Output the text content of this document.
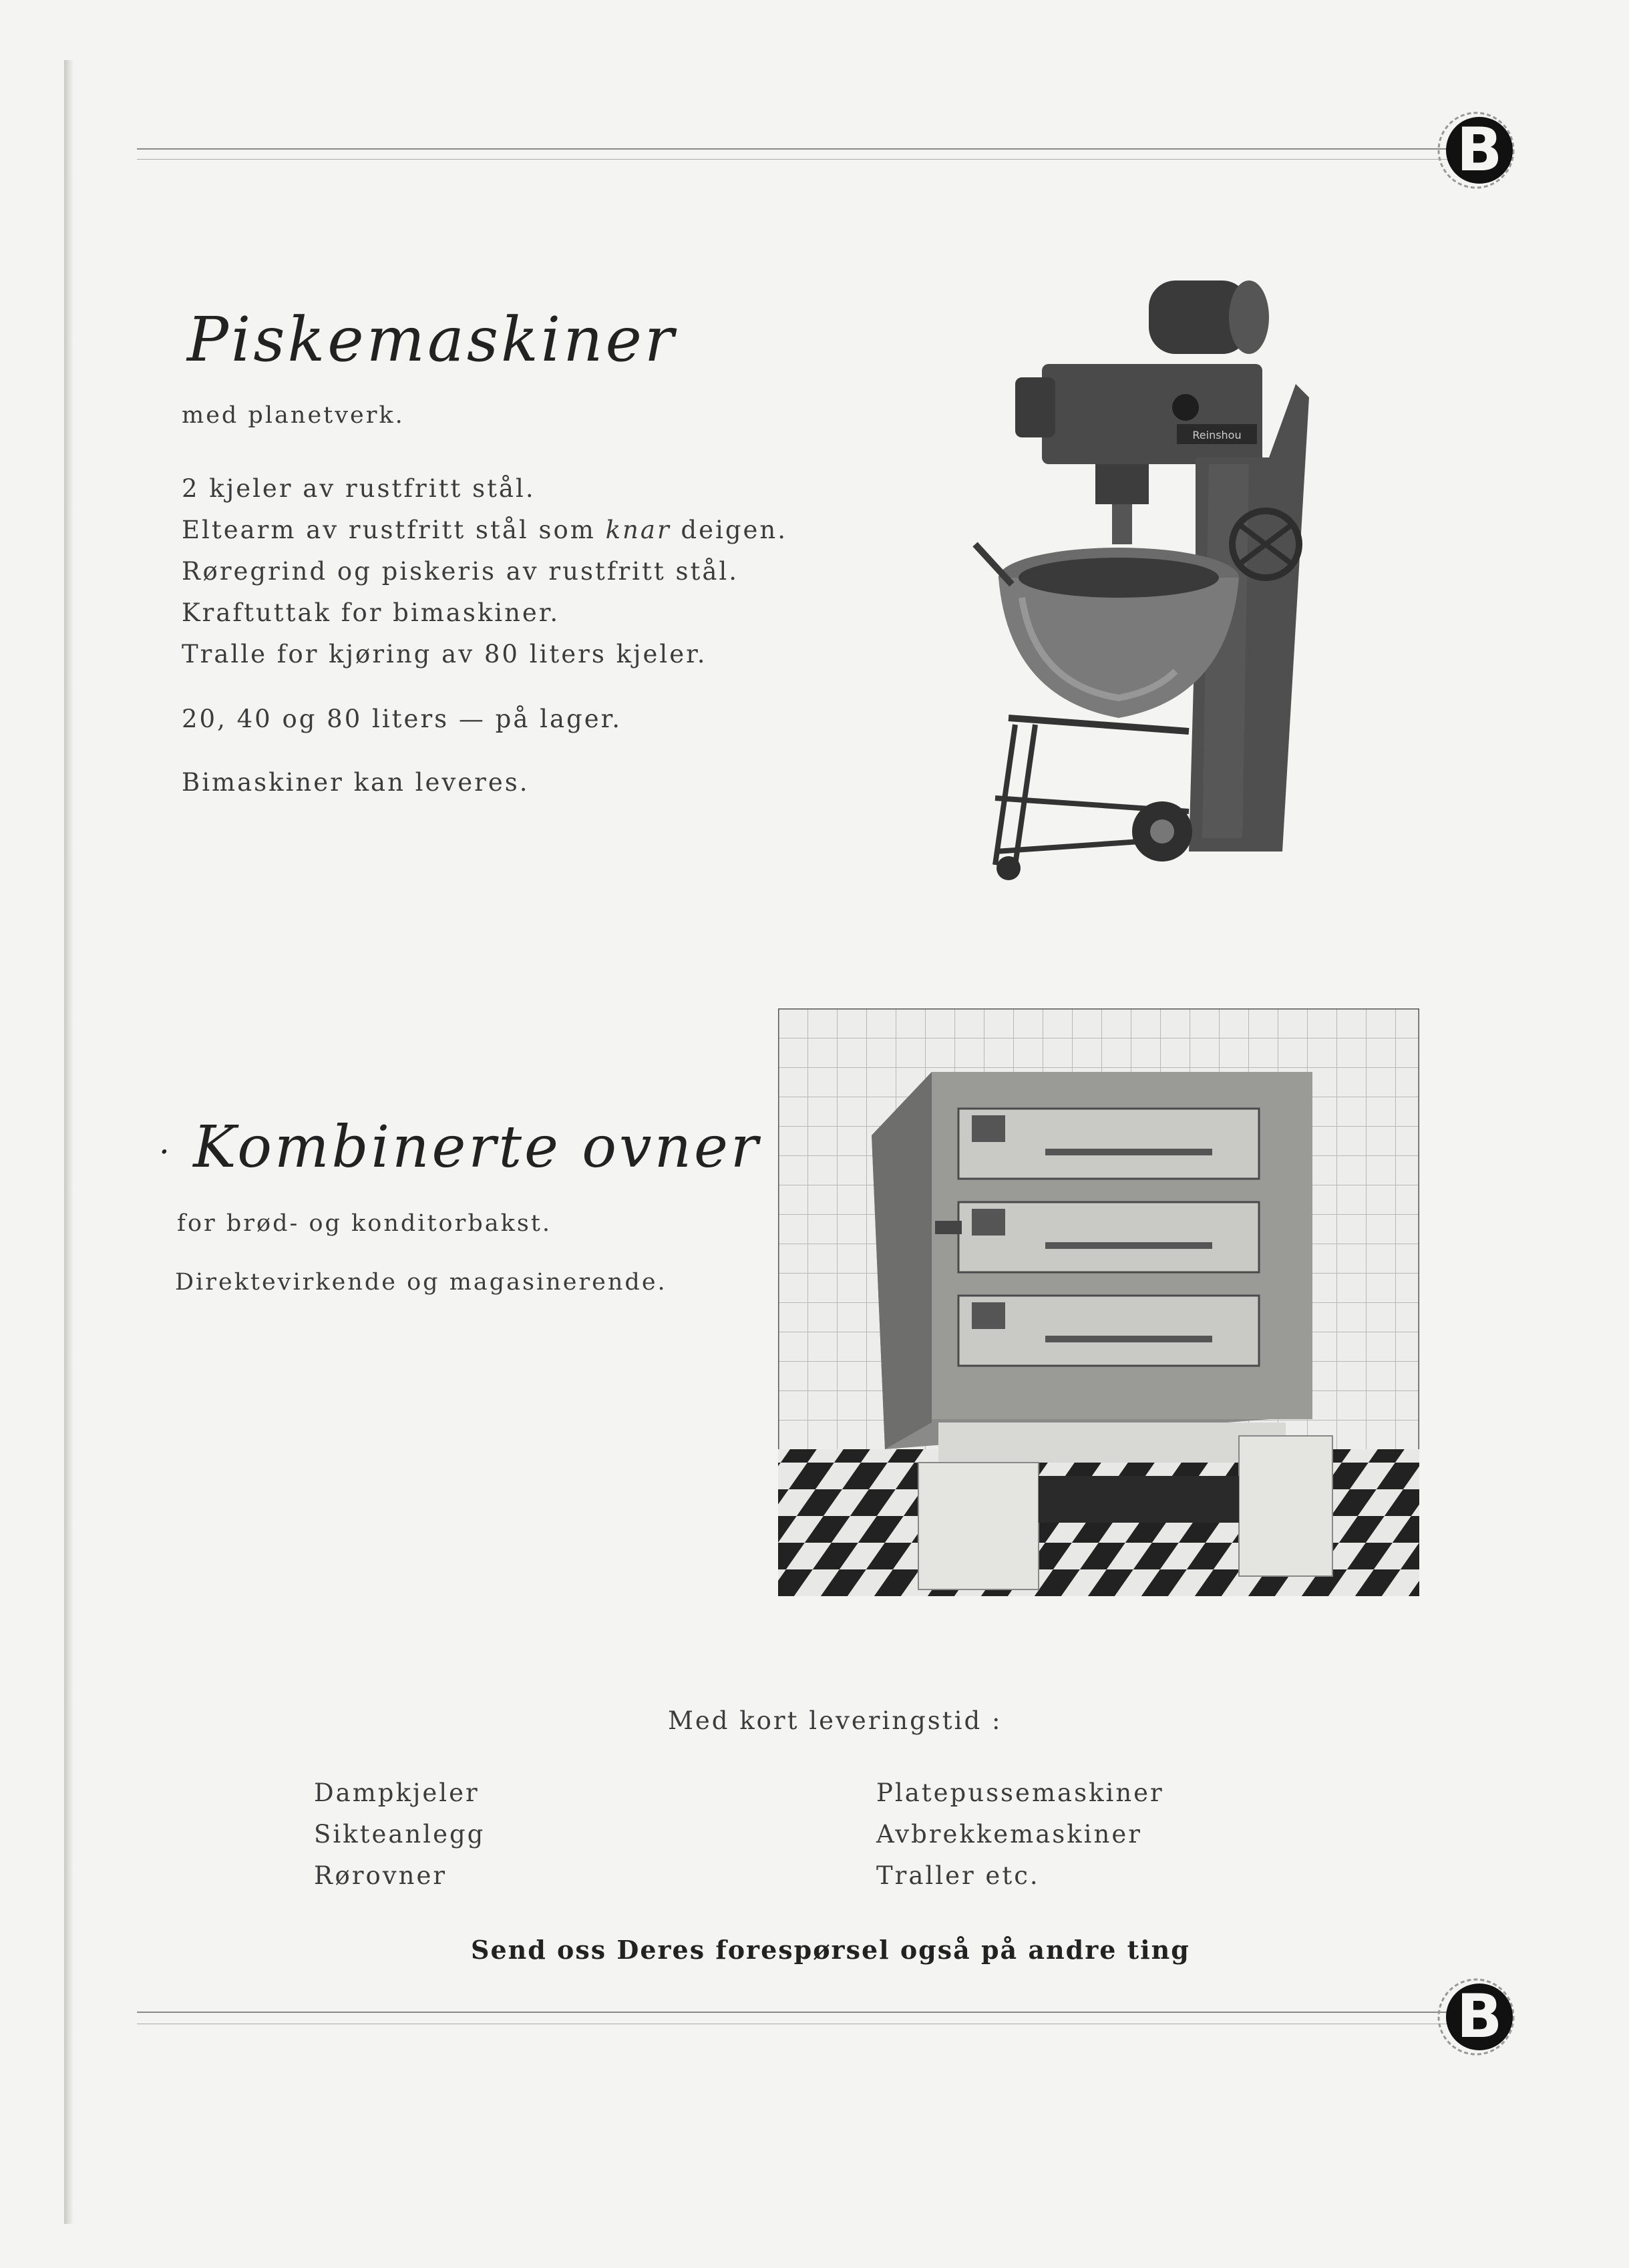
B
Piskemaskiner
med planetverk.
2 kjeler av rustfritt stål.
Eltearm av rustfritt stål som knar deigen.
Røregrind og piskeris av rustfritt stål.
Kraftuttak for bimaskiner.
Tralle for kjøring av 80 liters kjeler.
20, 40 og 80 liters — på lager.
Bimaskiner kan leveres.
Reinshou
· Kombinerte ovner
for brød- og konditorbakst.
Direktevirkende og magasinerende.
Med kort leveringstid :
Dampkjeler
Sikteanlegg
Rørovner
Platepussemaskiner
Avbrekkemaskiner
Traller etc.
Send oss Deres forespørsel også på andre ting
B
